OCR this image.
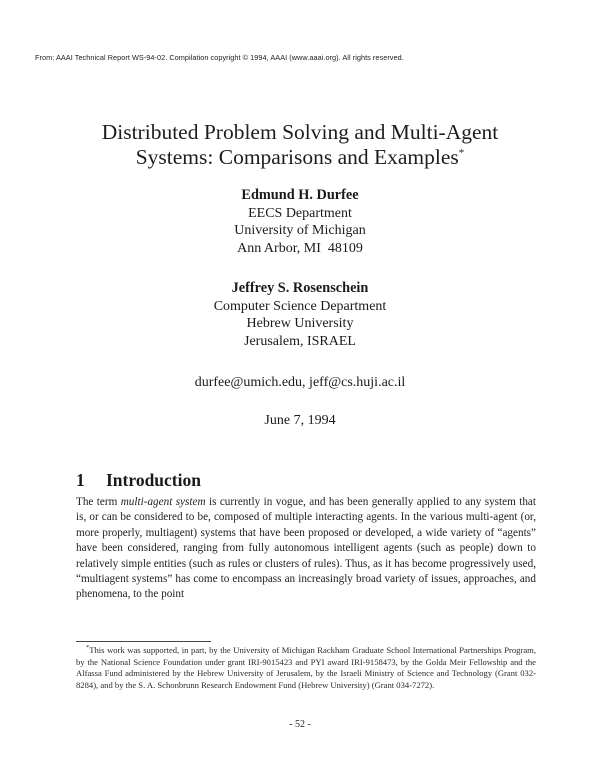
From: AAAI Technical Report WS-94-02. Compilation copyright © 1994, AAAI (www.aaai.org). All rights reserved.
Distributed Problem Solving and Multi-Agent
Systems: Comparisons and Examples*
Edmund H. Durfee
EECS Department
University of Michigan
Ann Arbor, MI  48109
Jeffrey S. Rosenschein
Computer Science Department
Hebrew University
Jerusalem, ISRAEL
durfee@umich.edu, jeff@cs.huji.ac.il
June 7, 1994
1 Introduction

The term multi-agent system is currently in vogue, and has been generally applied to any system that is, or can be considered to be, composed of multiple interacting agents. In the various multi-agent (or, more properly, multiagent) systems that have been proposed or developed, a wide variety of “agents” have been considered, ranging from fully autonomous intelligent agents (such as people) down to relatively simple entities (such as rules or clusters of rules). Thus, as it has become progressively used, “multiagent systems” has come to encompass an increasingly broad variety of issues, approaches, and phenomena, to the point

*This work was supported, in part, by the University of Michigan Rackham Graduate School International Partnerships Program, by the National Science Foundation under grant IRI-9015423 and PYI award IRI-9158473, by the Golda Meir Fellowship and the Alfassa Fund administered by the Hebrew University of Jerusalem, by the Israeli Ministry of Science and Technology (Grant 032-8284), and by the S. A. Schonbrunn Research Endowment Fund (Hebrew University) (Grant 034-7272).

- 52 -
